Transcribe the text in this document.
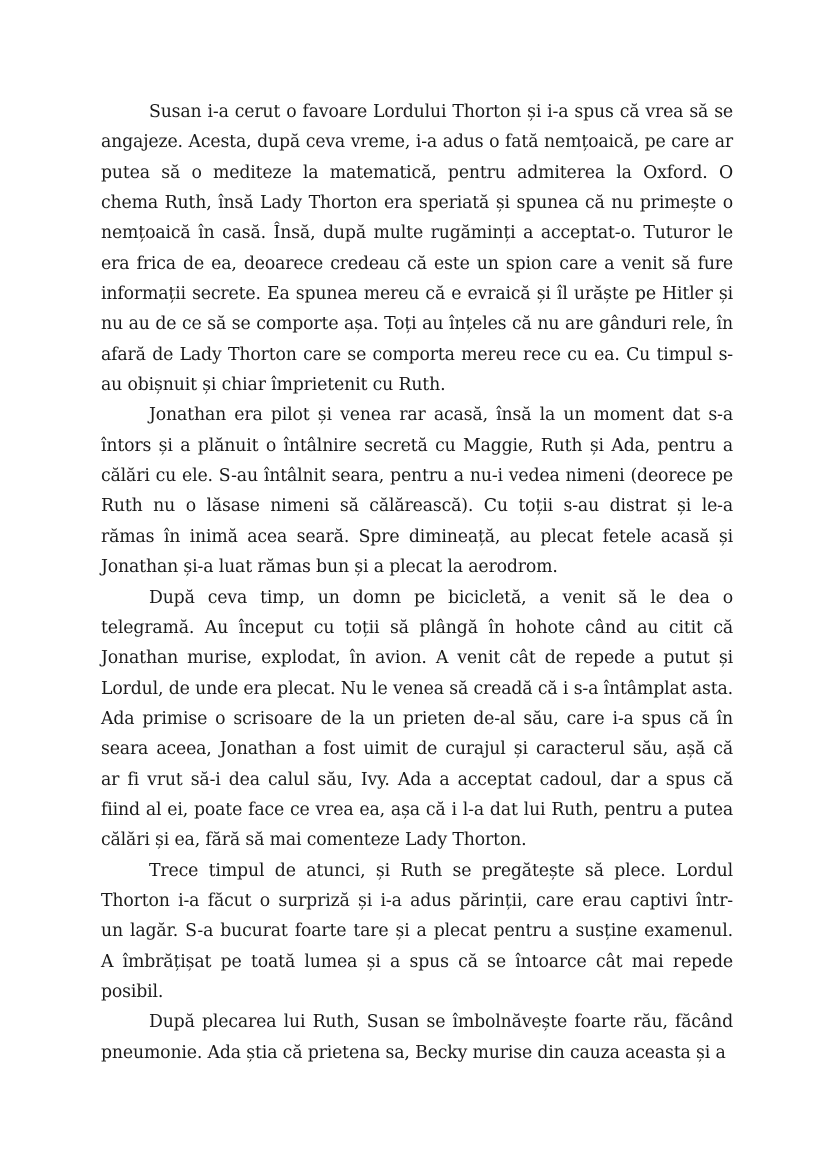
Susan i-a cerut o favoare Lordului Thorton și i-a spus că vrea să se
angajeze. Acesta, după ceva vreme, i-a adus o fată nemțoaică, pe care ar
putea să o mediteze la matematică, pentru admiterea la Oxford. O
chema Ruth, însă Lady Thorton era speriată și spunea că nu primește o
nemțoaică în casă. Însă, după multe rugăminți a acceptat-o. Tuturor le
era frica de ea, deoarece credeau că este un spion care a venit să fure
informații secrete. Ea spunea mereu că e evraică și îl urăște pe Hitler și
nu au de ce să se comporte așa. Toți au înțeles că nu are gânduri rele, în
afară de Lady Thorton care se comporta mereu rece cu ea. Cu timpul s-
au obișnuit și chiar împrietenit cu Ruth.
Jonathan era pilot și venea rar acasă, însă la un moment dat s-a
întors și a plănuit o întâlnire secretă cu Maggie, Ruth și Ada, pentru a
călări cu ele. S-au întâlnit seara, pentru a nu-i vedea nimeni (deorece pe
Ruth nu o lăsase nimeni să călărească). Cu toții s-au distrat și le-a
rămas în inimă acea seară. Spre dimineață, au plecat fetele acasă și
Jonathan și-a luat rămas bun și a plecat la aerodrom.
După ceva timp, un domn pe bicicletă, a venit să le dea o
telegramă. Au început cu toții să plângă în hohote când au citit că
Jonathan murise, explodat, în avion. A venit cât de repede a putut și
Lordul, de unde era plecat. Nu le venea să creadă că i s-a întâmplat asta.
Ada primise o scrisoare de la un prieten de-al său, care i-a spus că în
seara aceea, Jonathan a fost uimit de curajul și caracterul său, așă că
ar fi vrut să-i dea calul său, Ivy. Ada a acceptat cadoul, dar a spus că
fiind al ei, poate face ce vrea ea, așa că i l-a dat lui Ruth, pentru a putea
călări și ea, fără să mai comenteze Lady Thorton.
Trece timpul de atunci, și Ruth se pregătește să plece. Lordul
Thorton i-a făcut o surpriză și i-a adus părinții, care erau captivi într-
un lagăr. S-a bucurat foarte tare și a plecat pentru a susține examenul.
A îmbrățișat pe toată lumea și a spus că se întoarce cât mai repede
posibil.
După plecarea lui Ruth, Susan se îmbolnăvește foarte rău, făcând
pneumonie. Ada știa că prietena sa, Becky murise din cauza aceasta și a
